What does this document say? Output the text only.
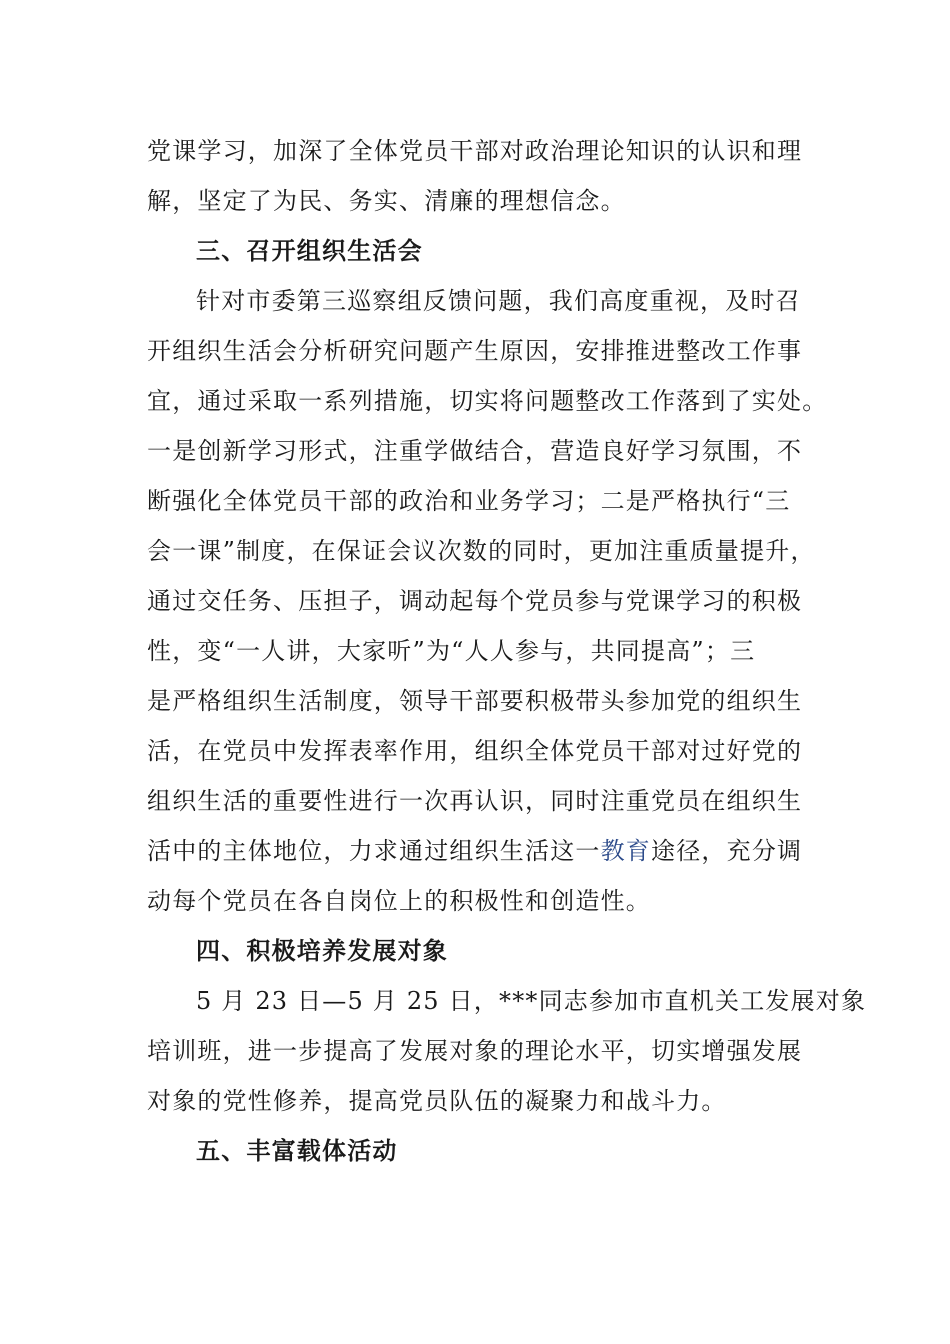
党课学习，加深了全体党员干部对政治理论知识的认识和理
解，坚定了为民、务实、清廉的理想信念。
三、召开组织生活会
针对市委第三巡察组反馈问题，我们高度重视，及时召
开组织生活会分析研究问题产生原因，安排推进整改工作事
宜，通过采取一系列措施，切实将问题整改工作落到了实处。
一是创新学习形式，注重学做结合，营造良好学习氛围，不
断强化全体党员干部的政治和业务学习；二是严格执行“三
会一课”制度，在保证会议次数的同时，更加注重质量提升，
通过交任务、压担子，调动起每个党员参与党课学习的积极
性，变“一人讲，大家听”为“人人参与，共同提高”；三
是严格组织生活制度，领导干部要积极带头参加党的组织生
活，在党员中发挥表率作用，组织全体党员干部对过好党的
组织生活的重要性进行一次再认识，同时注重党员在组织生
活中的主体地位，力求通过组织生活这一教育途径，充分调
动每个党员在各自岗位上的积极性和创造性。
四、积极培养发展对象
5 月 23 日—5 月 25 日，***同志参加市直机关工发展对象
培训班，进一步提高了发展对象的理论水平，切实增强发展
对象的党性修养，提高党员队伍的凝聚力和战斗力。
五、丰富载体活动
